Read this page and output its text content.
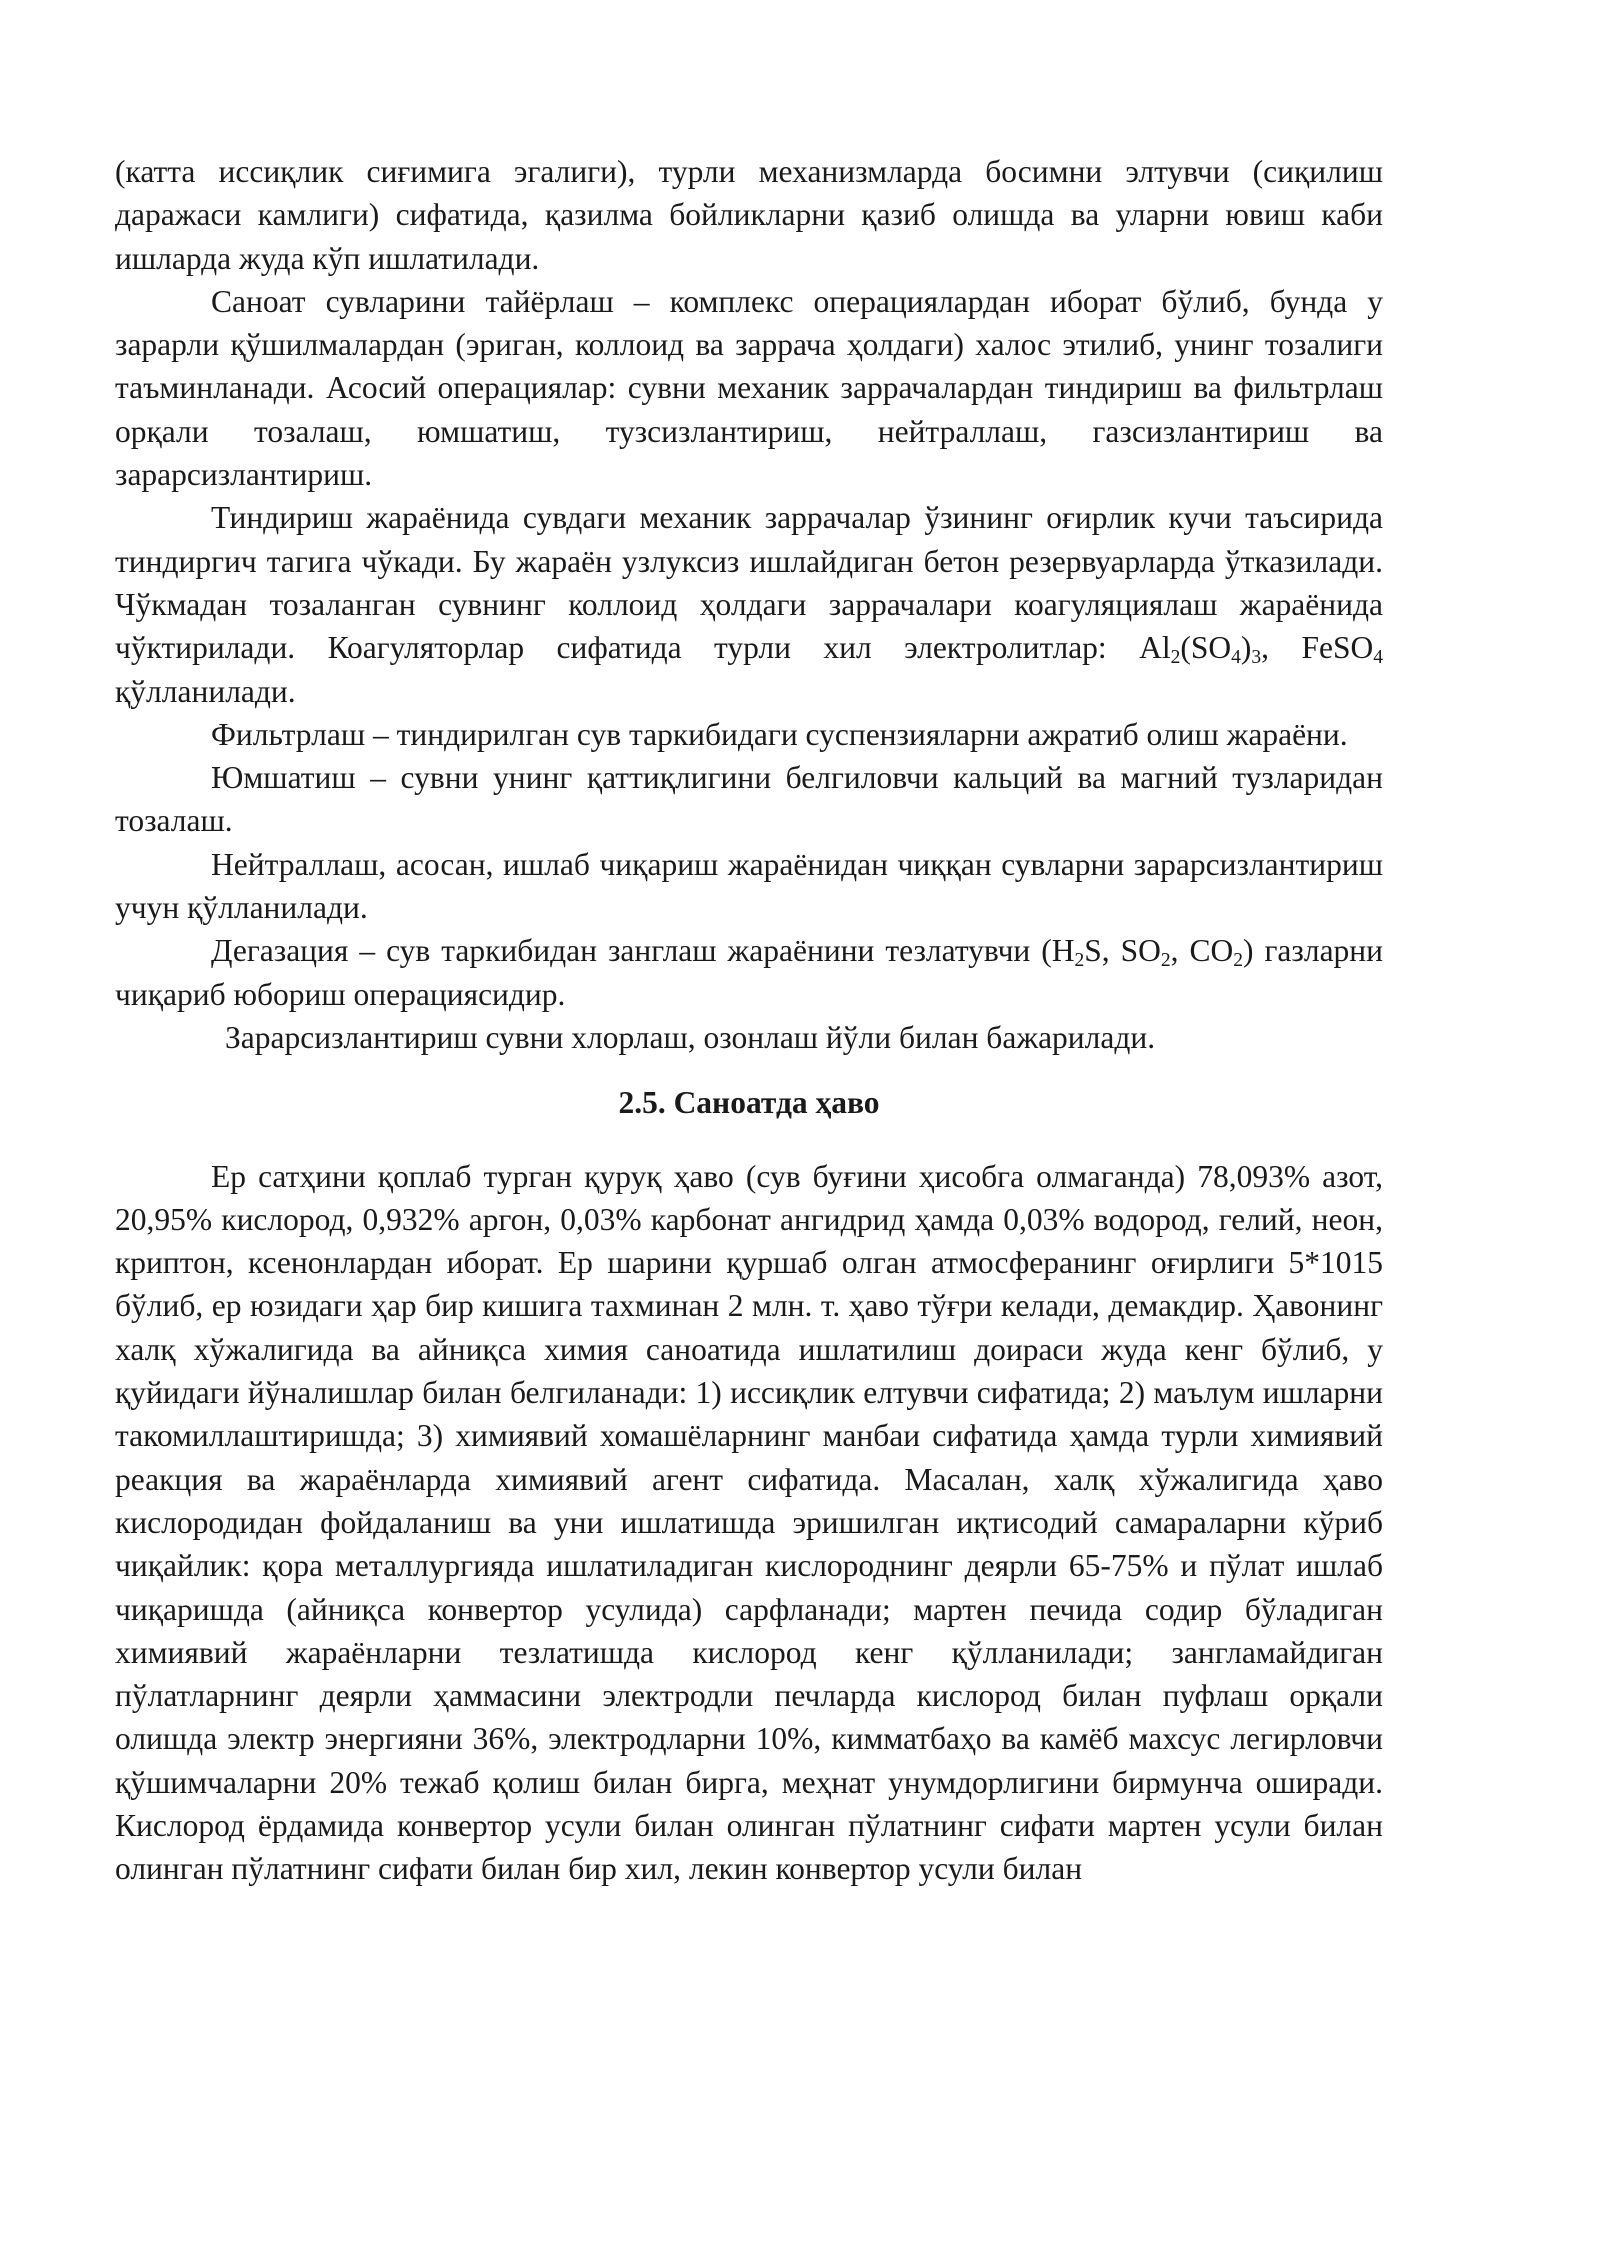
(катта иссиқлик сиғимига эгалиги), турли механизмларда босимни элтувчи (сиқилиш даражаси камлиги) сифатида, қазилма бойликларни қазиб олишда ва уларни ювиш каби ишларда жуда кўп ишлатилади.

Саноат сувларини тайёрлаш – комплекс операциялардан иборат бўлиб, бунда у зарарли қўшилмалардан (эриган, коллоид ва заррача ҳолдаги) халос этилиб, унинг тозалиги таъминланади. Асосий операциялар: сувни механик заррачалардан тиндириш ва фильтрлаш орқали тозалаш, юмшатиш, тузсизлантириш, нейтраллаш, газсизлантириш ва зарарсизлантириш.

Тиндириш жараёнида сувдаги механик заррачалар ўзининг оғирлик кучи таъсирида тиндиргич тагига чўкади. Бу жараён узлуксиз ишлайдиган бетон резервуарларда ўтказилади. Чўкмадан тозаланган сувнинг коллоид ҳолдаги заррачалари коагуляциялаш жараёнида чўктирилади. Коагуляторлар сифатида турли хил электролитлар: $Al_2(SO_4)_3$, FeSO$_4$ қўлланилади.

Фильтрлаш – тиндирилган сув таркибидаги суспензияларни ажратиб олиш жараёни.

Юмшатиш – сувни унинг қаттиқлигини белгиловчи кальций ва магний тузларидан тозалаш.

Нейтраллаш, асосан, ишлаб чиқариш жараёнидан чиққан сувларни зарарсизлантириш учун қўлланилади.

Дегазация – сув таркибидан занглаш жараёнини тезлатувчи ($H_2S$, $SO_2$, $CO_2$) газларни чиқариб юбориш операциясидир.

Зарарсизлантириш сувни хлорлаш, озонлаш йўли билан бажарилади.

2.5. Саноатда ҳаво

Ер сатҳини қоплаб турган қуруқ ҳаво (сув буғини ҳисобга олмаганда) 78,093% азот, 20,95% кислород, 0,932% аргон, 0,03% карбонат ангидрид ҳамда 0,03% водород, гелий, неон, криптон, ксенонлардан иборат. Ер шарини қуршаб олган атмосферанинг оғирлиги 5*1015 бўлиб, ер юзидаги ҳар бир кишига тахминан 2 млн. т. ҳаво тўғри келади, демакдир. Ҳавонинг халқ хўжалигида ва айниқса химия саноатида ишлатилиш доираси жуда кенг бўлиб, у қуйидаги йўналишлар билан белгиланади: 1) иссиқлик елтувчи сифатида; 2) маълум ишларни такомиллаштиришда; 3) химиявий хомашёларнинг манбаи сифатида ҳамда турли химиявий реакция ва жараёнларда химиявий агент сифатида. Масалан, халқ хўжалигида ҳаво кислородидан фойдаланиш ва уни ишлатишда эришилган иқтисодий самараларни кўриб чиқайлик: қора металлургияда ишлатиладиган кислороднинг деярли 65-75% и пўлат ишлаб чиқаришда (айниқса конвертор усулида) сарфланади; мартен печида содир бўладиган химиявий жараёнларни тезлатишда кислород кенг қўлланилади; зангламайдиган пўлатларнинг деярли ҳаммасини электродли печларда кислород билан пуфлаш орқали олишда электр энергияни 36%, электродларни 10%, кимматбаҳо ва камёб махсус легирловчи қўшимчаларни 20% тежаб қолиш билан бирга, меҳнат унумдорлигини бирмунча оширади. Кислород ёрдамида конвертор усули билан олинган пўлатнинг сифати мартен усули билан олинган пўлатнинг сифати билан бир хил, лекин конвертор усули билан
